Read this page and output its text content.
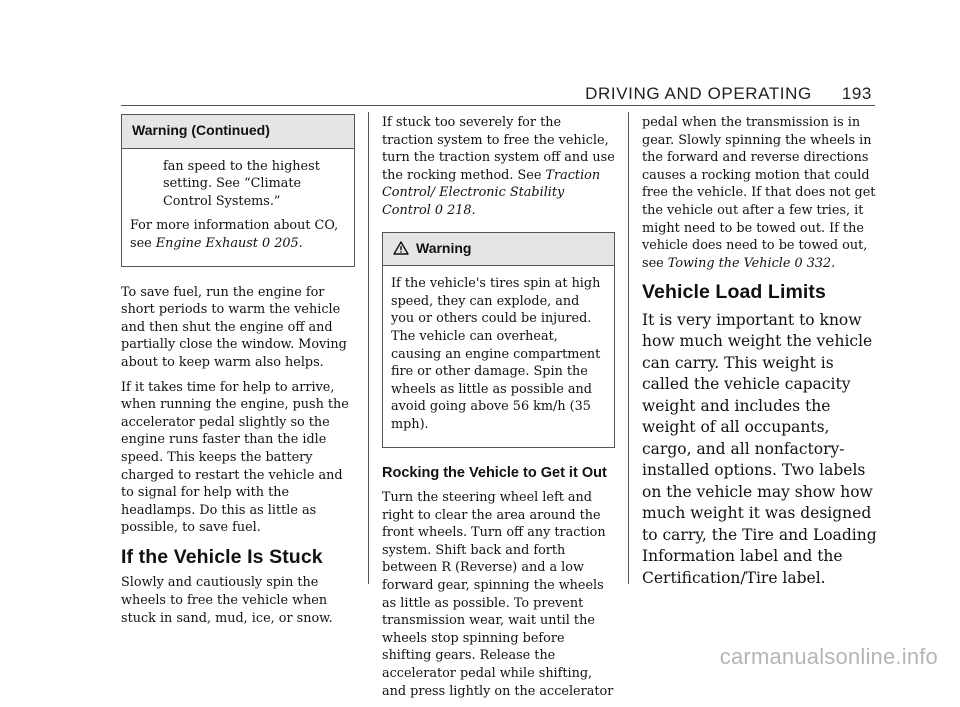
DRIVING AND OPERATING 193
Warning (Continued)

fan speed to the highest setting. See “Climate Control Systems.”

For more information about CO, see Engine Exhaust 0 205.

To save fuel, run the engine for short periods to warm the vehicle and then shut the engine off and partially close the window. Moving about to keep warm also helps.

If it takes time for help to arrive, when running the engine, push the accelerator pedal slightly so the engine runs faster than the idle speed. This keeps the battery charged to restart the vehicle and to signal for help with the headlamps. Do this as little as possible, to save fuel.

If the Vehicle Is Stuck

Slowly and cautiously spin the wheels to free the vehicle when stuck in sand, mud, ice, or snow.

If stuck too severely for the traction system to free the vehicle, turn the traction system off and use the rocking method. See Traction Control/ Electronic Stability Control 0 218.

Warning

If the vehicle's tires spin at high speed, they can explode, and you or others could be injured. The vehicle can overheat, causing an engine compartment fire or other damage. Spin the wheels as little as possible and avoid going above 56 km/h (35 mph).

Rocking the Vehicle to Get it Out

Turn the steering wheel left and right to clear the area around the front wheels. Turn off any traction system. Shift back and forth between R (Reverse) and a low forward gear, spinning the wheels as little as possible. To prevent transmission wear, wait until the wheels stop spinning before shifting gears. Release the accelerator pedal while shifting, and press lightly on the accelerator

pedal when the transmission is in gear. Slowly spinning the wheels in the forward and reverse directions causes a rocking motion that could free the vehicle. If that does not get the vehicle out after a few tries, it might need to be towed out. If the vehicle does need to be towed out, see Towing the Vehicle 0 332.

Vehicle Load Limits

It is very important to know how much weight the vehicle can carry. This weight is called the vehicle capacity weight and includes the weight of all occupants, cargo, and all nonfactory-installed options. Two labels on the vehicle may show how much weight it was designed to carry, the Tire and Loading Information label and the Certification/Tire label.

carmanualsonline.info
